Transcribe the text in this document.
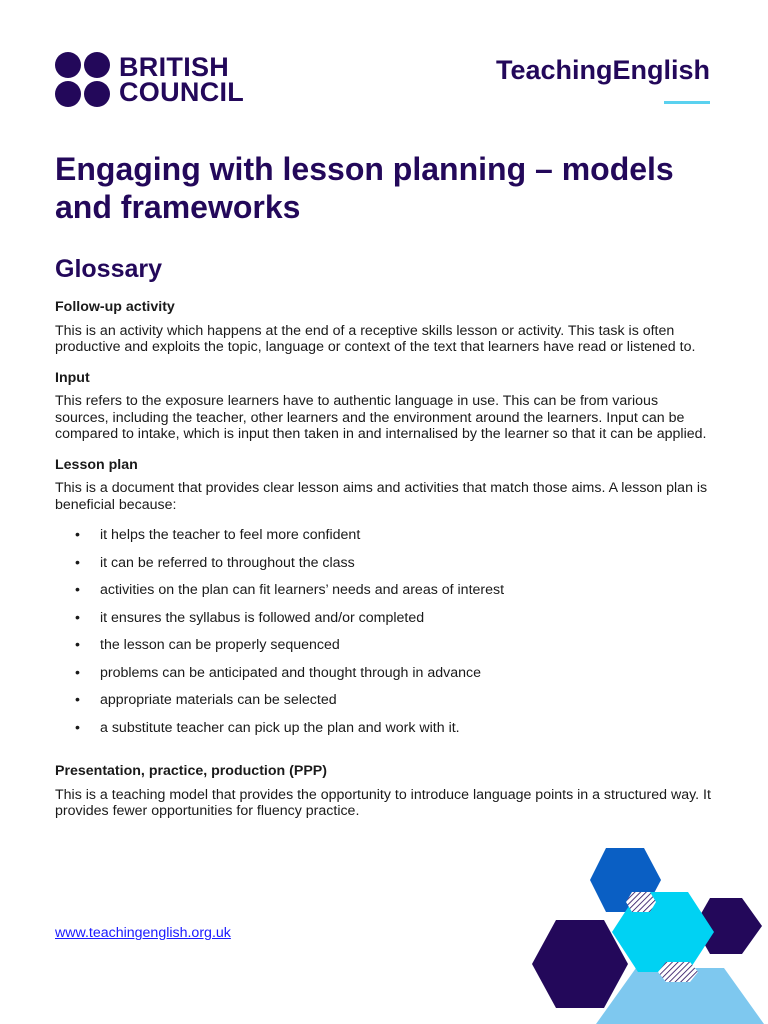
BRITISH
COUNCIL
TeachingEnglish
Engaging with lesson planning – models and frameworks
Glossary

Follow-up activity

This is an activity which happens at the end of a receptive skills lesson or activity. This task is often productive and exploits the topic, language or context of the text that learners have read or listened to.

Input

This refers to the exposure learners have to authentic language in use. This can be from various sources, including the teacher, other learners and the environment around the learners. Input can be compared to intake, which is input then taken in and internalised by the learner so that it can be applied.

Lesson plan

This is a document that provides clear lesson aims and activities that match those aims. A lesson plan is beneficial because:

• it helps the teacher to feel more confident
• it can be referred to throughout the class
• activities on the plan can fit learners’ needs and areas of interest
• it ensures the syllabus is followed and/or completed
• the lesson can be properly sequenced
• problems can be anticipated and thought through in advance
• appropriate materials can be selected
• a substitute teacher can pick up the plan and work with it.

Presentation, practice, production (PPP)

This is a teaching model that provides the opportunity to introduce language points in a structured way. It provides fewer opportunities for fluency practice.

www.teachingenglish.org.uk
